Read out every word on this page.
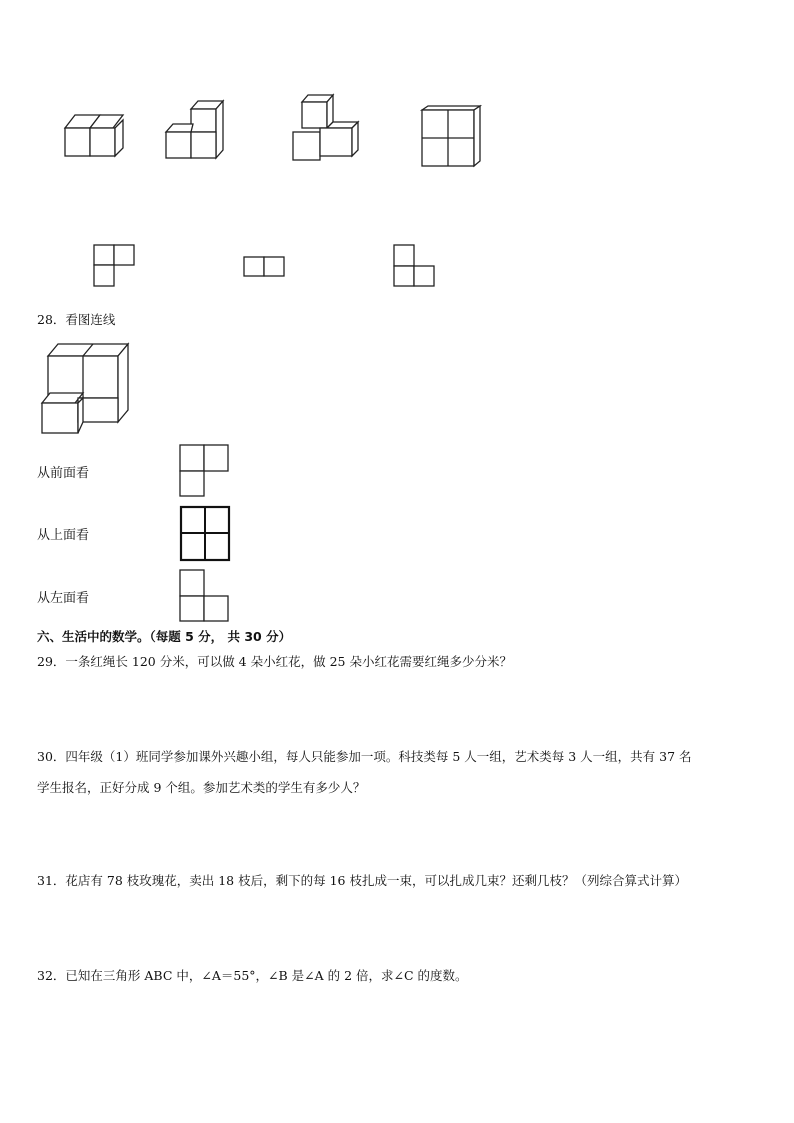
28．看图连线
从前面看
从上面看
从左面看
六、生活中的数学。（每题 5 分， 共 30 分）
29．一条红绳长 120 分米，可以做 4 朵小红花，做 25 朵小红花需要红绳多少分米？
30．四年级（1）班同学参加课外兴趣小组，每人只能参加一项。科技类每 5 人一组，艺术类每 3 人一组，共有 37 名
学生报名，正好分成 9 个组。参加艺术类的学生有多少人？
31．花店有 78 枝玫瑰花，卖出 18 枝后，剩下的每 16 枝扎成一束，可以扎成几束？还剩几枝？（列综合算式计算）
32．已知在三角形 ABC 中，∠A＝55°，∠B 是∠A 的 2 倍，求∠C 的度数。
